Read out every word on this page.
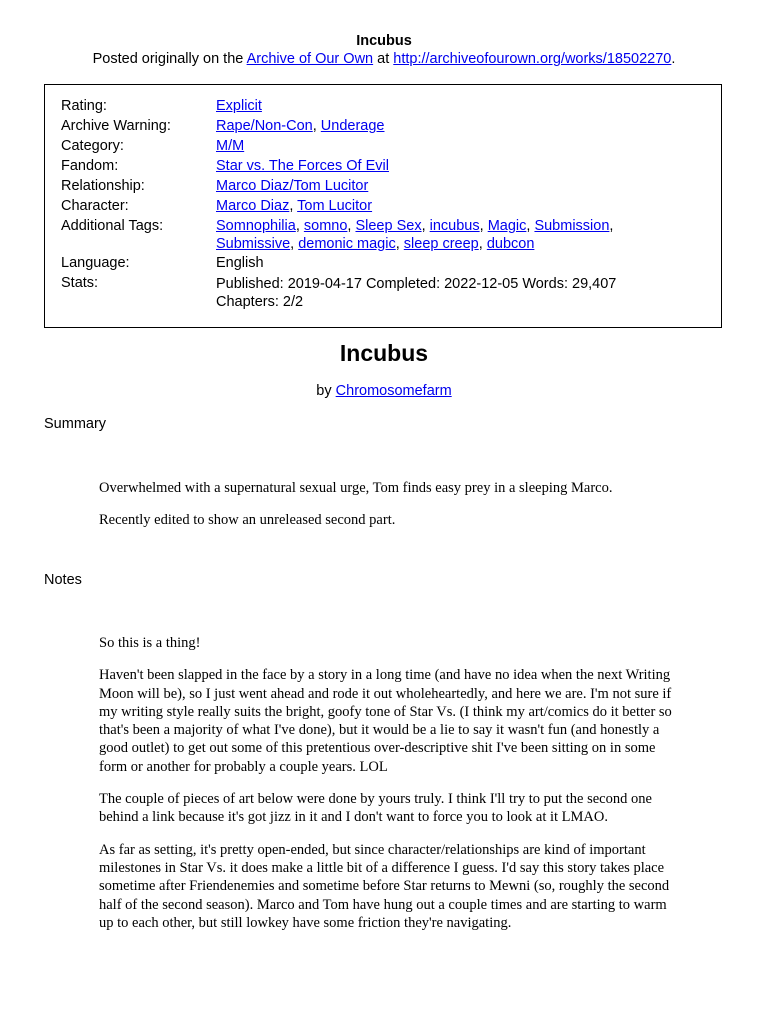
Incubus
Posted originally on the Archive of Our Own at http://archiveofourown.org/works/18502270.
Rating:	Explicit
Archive Warning:	Rape/Non-Con, Underage
Category:	M/M
Fandom:	Star vs. The Forces Of Evil
Relationship:	Marco Diaz/Tom Lucitor
Character:	Marco Diaz, Tom Lucitor
Additional Tags:	Somnophilia, somno, Sleep Sex, incubus, Magic, Submission,
Submissive, demonic magic, sleep creep, dubcon
Language:	English
Stats:	Published: 2019-04-17 Completed: 2022-12-05 Words: 29,407
Chapters: 2/2
Incubus
by Chromosomefarm
Summary

Overwhelmed with a supernatural sexual urge, Tom finds easy prey in a sleeping Marco.

Recently edited to show an unreleased second part.

Notes

So this is a thing!

Haven't been slapped in the face by a story in a long time (and have no idea when the next Writing Moon will be), so I just went ahead and rode it out wholeheartedly, and here we are. I'm not sure if my writing style really suits the bright, goofy tone of Star Vs. (I think my art/comics do it better so that's been a majority of what I've done), but it would be a lie to say it wasn't fun (and honestly a good outlet) to get out some of this pretentious over-descriptive shit I've been sitting on in some form or another for probably a couple years. LOL

The couple of pieces of art below were done by yours truly. I think I'll try to put the second one behind a link because it's got jizz in it and I don't want to force you to look at it LMAO.

As far as setting, it's pretty open-ended, but since character/relationships are kind of important milestones in Star Vs. it does make a little bit of a difference I guess. I'd say this story takes place sometime after Friendenemies and sometime before Star returns to Mewni (so, roughly the second half of the second season). Marco and Tom have hung out a couple times and are starting to warm up to each other, but still lowkey have some friction they're navigating.
